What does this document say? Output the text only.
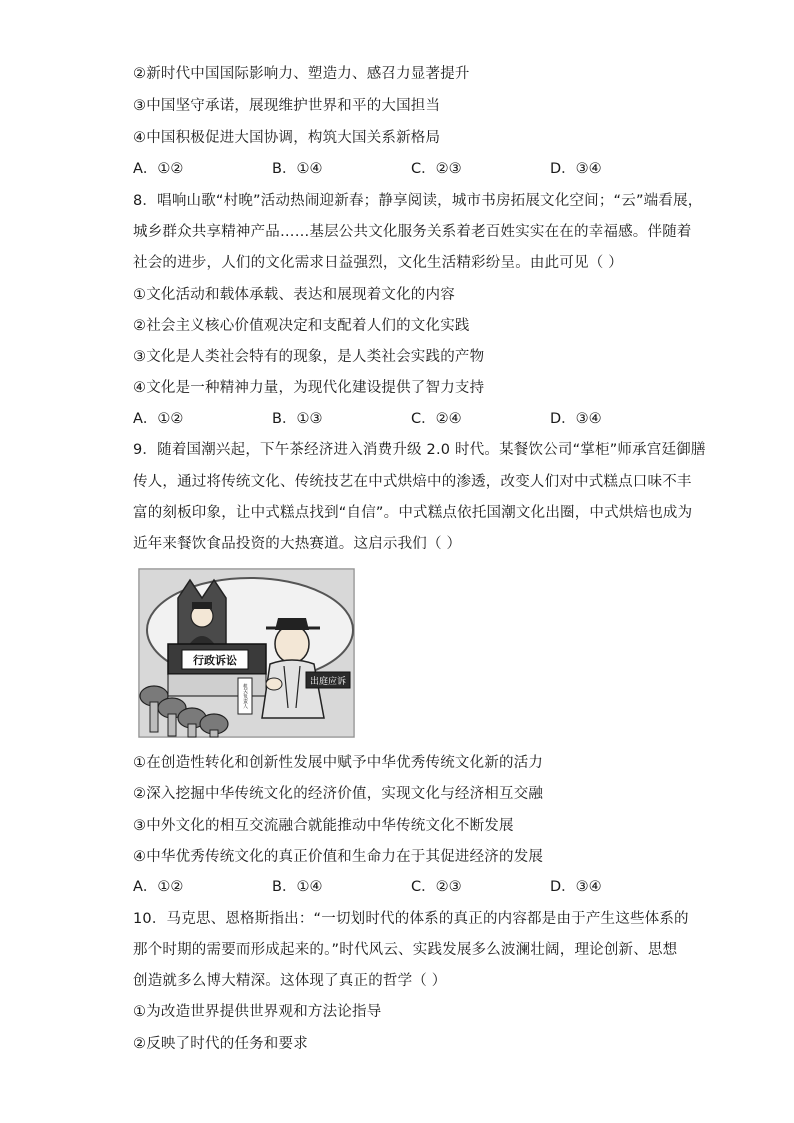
②新时代中国国际影响力、塑造力、感召力显著提升
③中国坚守承诺，展现维护世界和平的大国担当
④中国积极促进大国协调，构筑大国关系新格局
A．①②	B．①④	C．②③	D．③④
8．唱响山歌“村晚”活动热闹迎新春；静享阅读，城市书房拓展文化空间；“云”端看展，
城乡群众共享精神产品……基层公共文化服务关系着老百姓实实在在的幸福感。伴随着
社会的进步，人们的文化需求日益强烈，文化生活精彩纷呈。由此可见（ ）
①文化活动和载体承载、表达和展现着文化的内容
②社会主义核心价值观决定和支配着人们的文化实践
③文化是人类社会特有的现象，是人类社会实践的产物
④文化是一种精神力量，为现代化建设提供了智力支持
A．①②	B．①③	C．②④	D．③④
9．随着国潮兴起，下午茶经济进入消费升级 2.0 时代。某餐饮公司“掌柜”师承宫廷御膳
传人，通过将传统文化、传统技艺在中式烘焙中的渗透，改变人们对中式糕点口味不丰
富的刻板印象，让中式糕点找到“自信”。中式糕点依托国潮文化出圈，中式烘焙也成为
近年来餐饮食品投资的大热赛道。这启示我们（ ）
行政诉讼
机关负责人
出庭应诉
①在创造性转化和创新性发展中赋予中华优秀传统文化新的活力
②深入挖掘中华传统文化的经济价值，实现文化与经济相互交融
③中外文化的相互交流融合就能推动中华传统文化不断发展
④中华优秀传统文化的真正价值和生命力在于其促进经济的发展
A．①②	B．①④	C．②③	D．③④
10．马克思、恩格斯指出：“一切划时代的体系的真正的内容都是由于产生这些体系的
那个时期的需要而形成起来的。”时代风云、实践发展多么波澜壮阔，理论创新、思想
创造就多么博大精深。这体现了真正的哲学（ ）
①为改造世界提供世界观和方法论指导
②反映了时代的任务和要求
